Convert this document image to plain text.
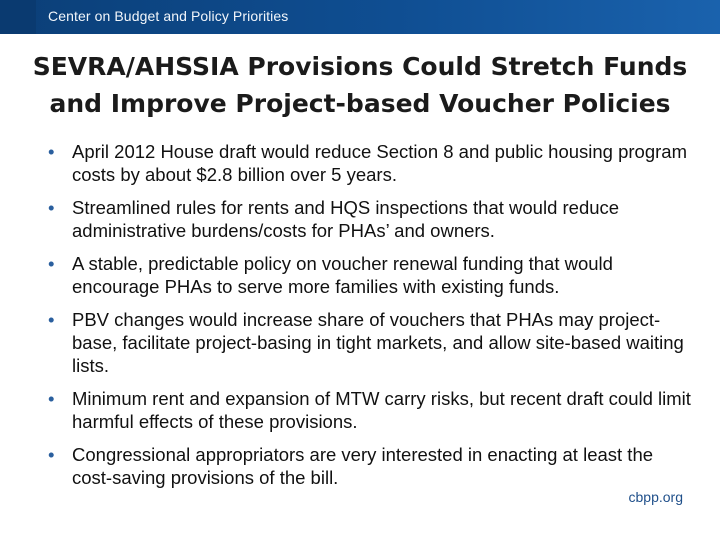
Center on Budget and Policy Priorities
SEVRA/AHSSIA Provisions Could Stretch Funds
and Improve Project-based Voucher Policies
• April 2012 House draft would reduce Section 8 and public housing program costs by about $2.8 billion over 5 years.
• Streamlined rules for rents and HQS inspections that would reduce administrative burdens/costs for PHAs’ and owners.
• A stable, predictable policy on voucher renewal funding that would encourage PHAs to serve more families with existing funds.
• PBV changes would increase share of vouchers that PHAs may project-base, facilitate project-basing in tight markets, and allow site-based waiting lists.
• Minimum rent and expansion of MTW carry risks, but recent draft could limit harmful effects of these provisions.
• Congressional appropriators are very interested in enacting at least the cost-saving provisions of the bill.
cbpp.org
